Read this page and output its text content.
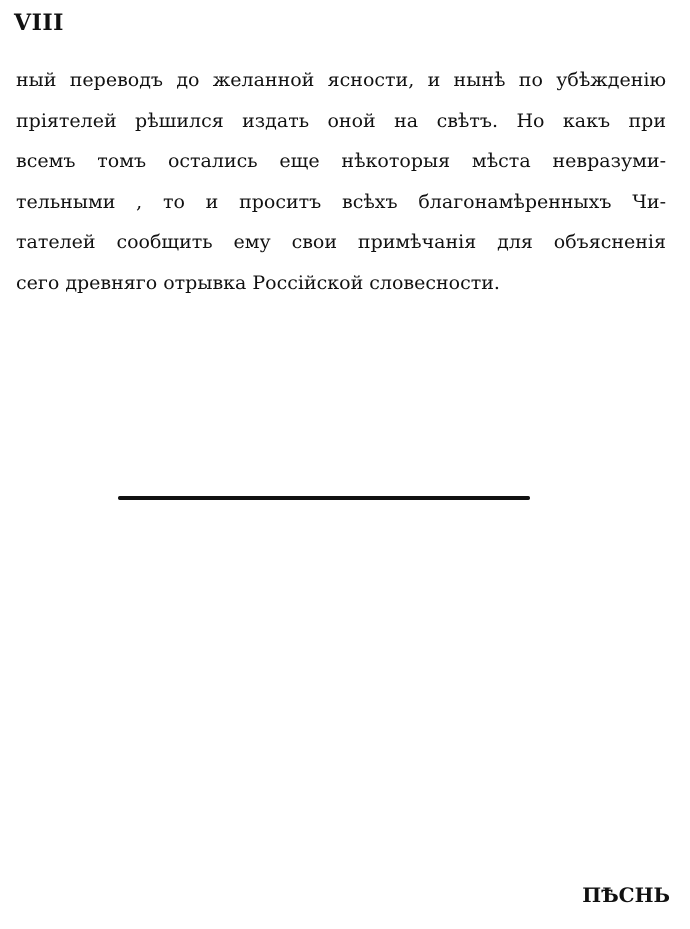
VIII
ный переводъ до желанной ясности, и нынѣ по убѣжденію
пріятелей рѣшился издать оной на свѣтъ. Но какъ при
всемъ томъ остались еще нѣкоторыя мѣста невразуми-
тельными , то и проситъ всѣхъ благонамѣренныхъ Чи-
тателей сообщить ему свои примѣчанія для объясненія
сего древняго отрывка Россійской словесности.
ПѢСНЬ
